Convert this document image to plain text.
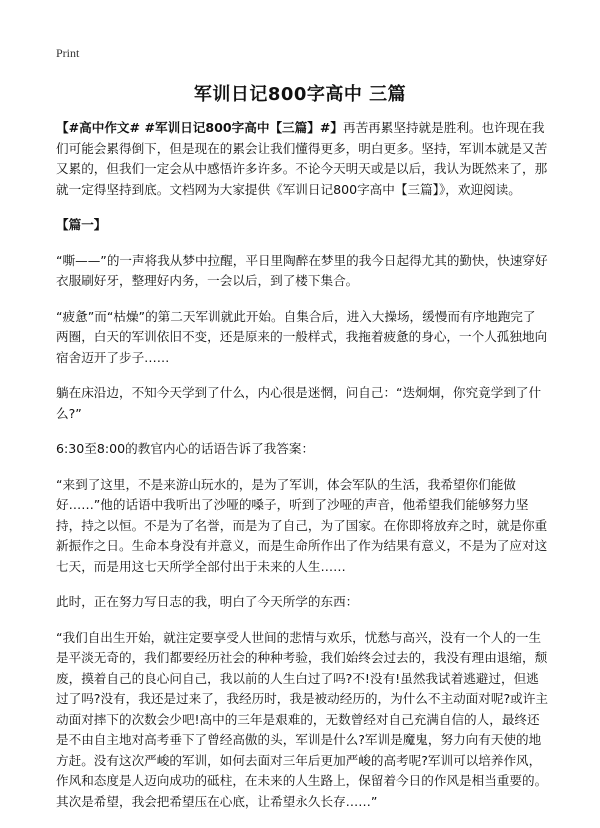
Print
军训日记800字高中 三篇

【#高中作文# #军训日记800字高中【三篇】#】再苦再累坚持就是胜利。也许现在我们可能会累得倒下，但是现在的累会让我们懂得更多，明白更多。坚持，军训本就是又苦又累的，但我们一定会从中感悟许多许多。不论今天明天或是以后，我认为既然来了，那就一定得坚持到底。文档网为大家提供《军训日记800字高中【三篇】》，欢迎阅读。

【篇一】

“嘶——”的一声将我从梦中拉醒，平日里陶醉在梦里的我今日起得尤其的勤快，快速穿好衣服刷好牙，整理好内务，一会以后，到了楼下集合。

“疲惫”而“枯燥”的第二天军训就此开始。自集合后，进入大操场，缓慢而有序地跑完了两圈，白天的军训依旧不变，还是原来的一般样式，我拖着疲惫的身心，一个人孤独地向宿舍迈开了步子……

躺在床沿边，不知今天学到了什么，内心很是迷惘，问自己：“迭炯炯，你究竟学到了什么?”

6:30至8:00的教官内心的话语告诉了我答案：

“来到了这里，不是来游山玩水的，是为了军训，体会军队的生活，我希望你们能做好……”他的话语中我听出了沙哑的嗓子，听到了沙哑的声音，他希望我们能够努力坚持，持之以恒。不是为了名誉，而是为了自己，为了国家。在你即将放弃之时，就是你重新振作之日。生命本身没有并意义，而是生命所作出了作为结果有意义，不是为了应对这七天，而是用这七天所学全部付出于未来的人生……

此时，正在努力写日志的我，明白了今天所学的东西：

“我们自出生开始，就注定要享受人世间的悲情与欢乐，忧愁与高兴，没有一个人的一生是平淡无奇的，我们都要经历社会的种种考验，我们始终会过去的，我没有理由退缩，颓废，摸着自己的良心问自己，我以前的人生白过了吗?不!没有!虽然我试着逃避过，但逃过了吗?没有，我还是过来了，我经历时，我是被动经历的，为什么不主动面对呢?或许主动面对摔下的次数会少吧!高中的三年是艰难的，无数曾经对自己充满自信的人，最终还是不由自主地对高考垂下了曾经高傲的头，军训是什么?军训是魔鬼，努力向有天使的地方赶。没有这次严峻的军训，如何去面对三年后更加严峻的高考呢?军训可以培养作风，作风和态度是人迈向成功的砥柱，在未来的人生路上，保留着今日的作风是相当重要的。其次是希望，我会把希望压在心底，让希望永久长存……”
